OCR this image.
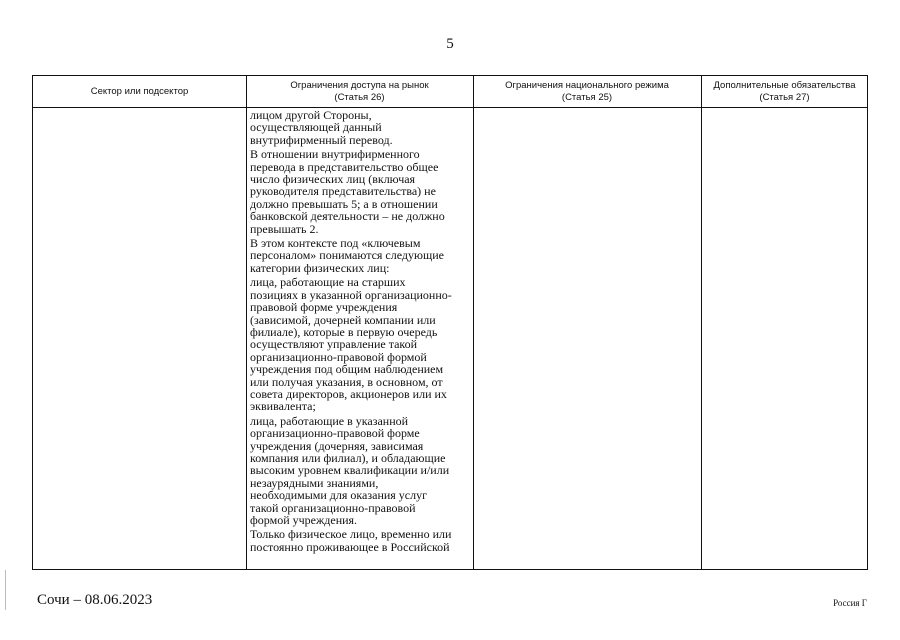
5
Сектор или подсектор
Ограничения доступа на рынок
(Статья 26)
Ограничения национального режима
(Статья 25)
Дополнительные обязательства
(Статья 27)

лицом другой Стороны,
осуществляющей данный
внутрифирменный перевод.

В отношении внутрифирменного
перевода в представительство общее
число физических лиц (включая
руководителя представительства) не
должно превышать 5; а в отношении
банковской деятельности – не должно
превышать 2.

В этом контексте под «ключевым
персоналом» понимаются следующие
категории физических лиц:

лица, работающие на старших
позициях в указанной организационно-
правовой форме учреждения
(зависимой, дочерней компании или
филиале), которые в первую очередь
осуществляют управление такой
организационно-правовой формой
учреждения под общим наблюдением
или получая указания, в основном, от
совета директоров, акционеров или их
эквивалента;

лица, работающие в указанной
организационно-правовой форме
учреждения (дочерняя, зависимая
компания или филиал), и обладающие
высоким уровнем квалификации и/или
незаурядными знаниями,
необходимыми для оказания услуг
такой организационно-правовой
формой учреждения.

Только физическое лицо, временно или
постоянно проживающее в Российской

Сочи – 08.06.2023	Россия Г
